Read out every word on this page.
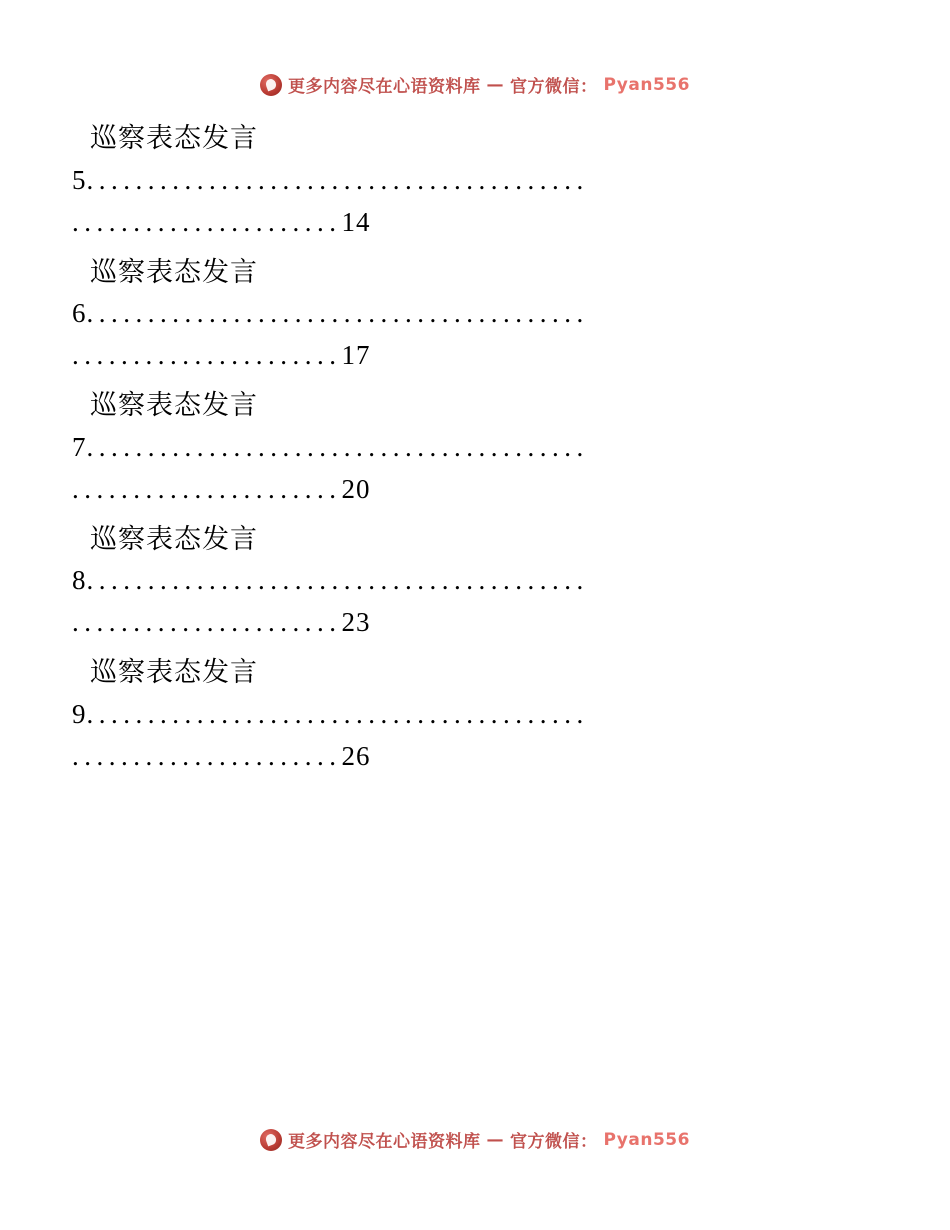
更多内容尽在心语资料库 — 官方微信： Pyan556
巡察表态发言
5.........................................
......................14
巡察表态发言
6.........................................
......................17
巡察表态发言
7.........................................
......................20
巡察表态发言
8.........................................
......................23
巡察表态发言
9.........................................
......................26
更多内容尽在心语资料库 — 官方微信： Pyan556
